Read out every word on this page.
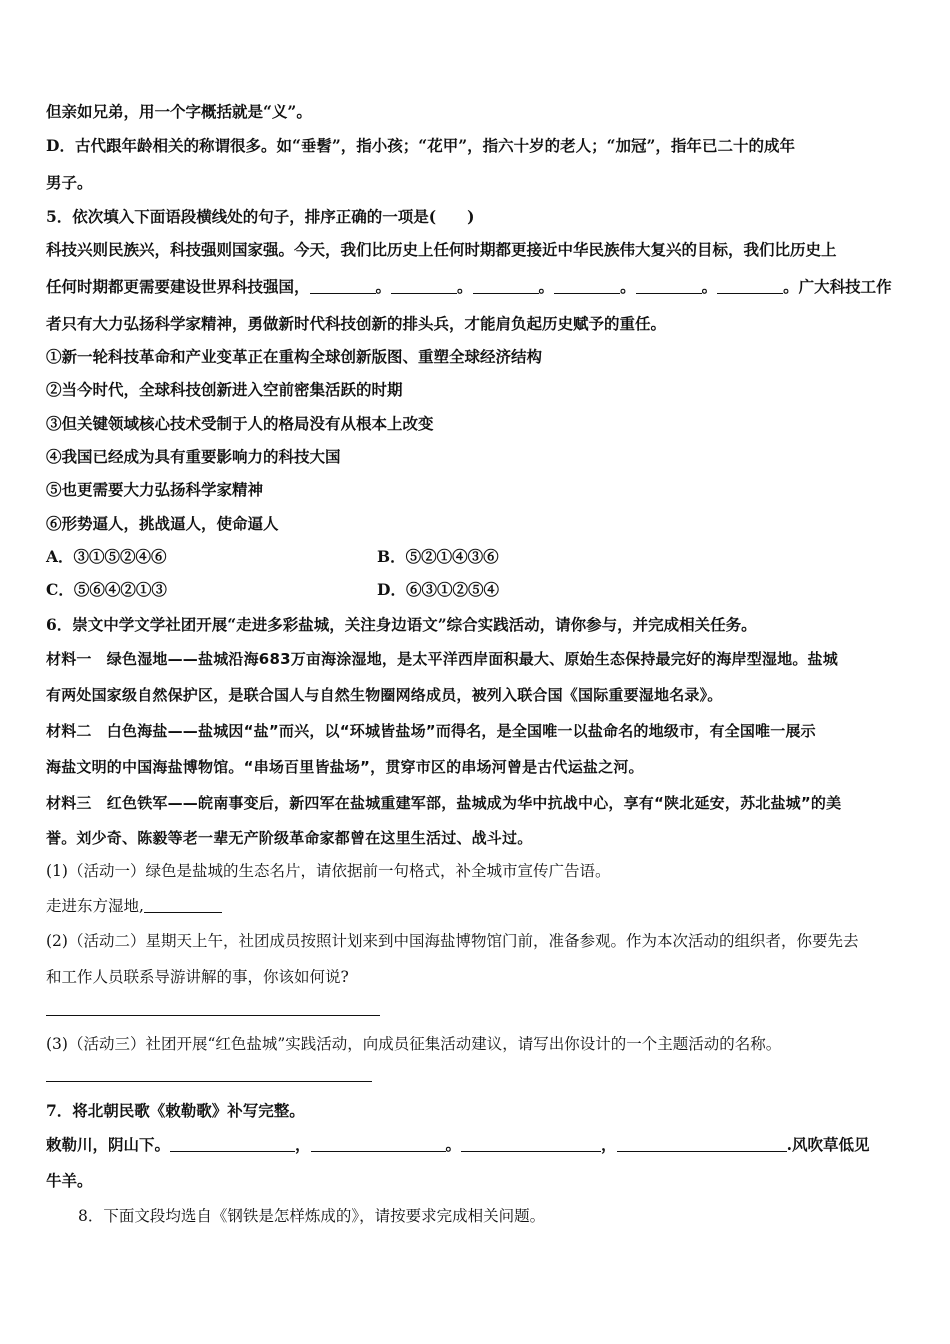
但亲如兄弟，用一个字概括就是“义”。
D．古代跟年龄相关的称谓很多。如“垂髫”，指小孩；“花甲”，指六十岁的老人；“加冠”，指年已二十的成年
男子。
5．依次填入下面语段横线处的句子，排序正确的一项是(　　)
科技兴则民族兴，科技强则国家强。今天，我们比历史上任何时期都更接近中华民族伟大复兴的目标，我们比历史上
任何时期都更需要建设世界科技强国，	。	。	。	。	。	。广大科技工作
者只有大力弘扬科学家精神，勇做新时代科技创新的排头兵，才能肩负起历史赋予的重任。
①新一轮科技革命和产业变革正在重构全球创新版图、重塑全球经济结构
②当今时代，全球科技创新进入空前密集活跃的时期
③但关键领域核心技术受制于人的格局没有从根本上改变
④我国已经成为具有重要影响力的科技大国
⑤也更需要大力弘扬科学家精神
⑥形势逼人，挑战逼人，使命逼人
A．③①⑤②④⑥	B．⑤②①④③⑥
C．⑤⑥④②①③	D．⑥③①②⑤④
6．崇文中学文学社团开展“走进多彩盐城，关注身边语文”综合实践活动，请你参与，并完成相关任务。
材料一　绿色湿地——盐城沿海683万亩海涂湿地，是太平洋西岸面积最大、原始生态保持最完好的海岸型湿地。盐城
有两处国家级自然保护区，是联合国人与自然生物圈网络成员，被列入联合国《国际重要湿地名录》。
材料二　白色海盐——盐城因“盐”而兴，以“环城皆盐场”而得名，是全国唯一以盐命名的地级市，有全国唯一展示
海盐文明的中国海盐博物馆。“串场百里皆盐场”，贯穿市区的串场河曾是古代运盐之河。
材料三　红色铁军——皖南事变后，新四军在盐城重建军部，盐城成为华中抗战中心，享有“陕北延安，苏北盐城”的美
誉。刘少奇、陈毅等老一辈无产阶级革命家都曾在这里生活过、战斗过。
(1)（活动一）绿色是盐城的生态名片，请依据前一句格式，补全城市宣传广告语。
走进东方湿地,
(2)（活动二）星期天上午，社团成员按照计划来到中国海盐博物馆门前，准备参观。作为本次活动的组织者，你要先去
和工作人员联系导游讲解的事，你该如何说?
(3)（活动三）社团开展“红色盐城”实践活动，向成员征集活动建议，请写出你设计的一个主题活动的名称。
7．将北朝民歌《敕勒歌》补写完整。
敕勒川，阴山下。	，	。	，	.风吹草低见
牛羊。
8．下面文段均选自《钢铁是怎样炼成的》，请按要求完成相关问题。
